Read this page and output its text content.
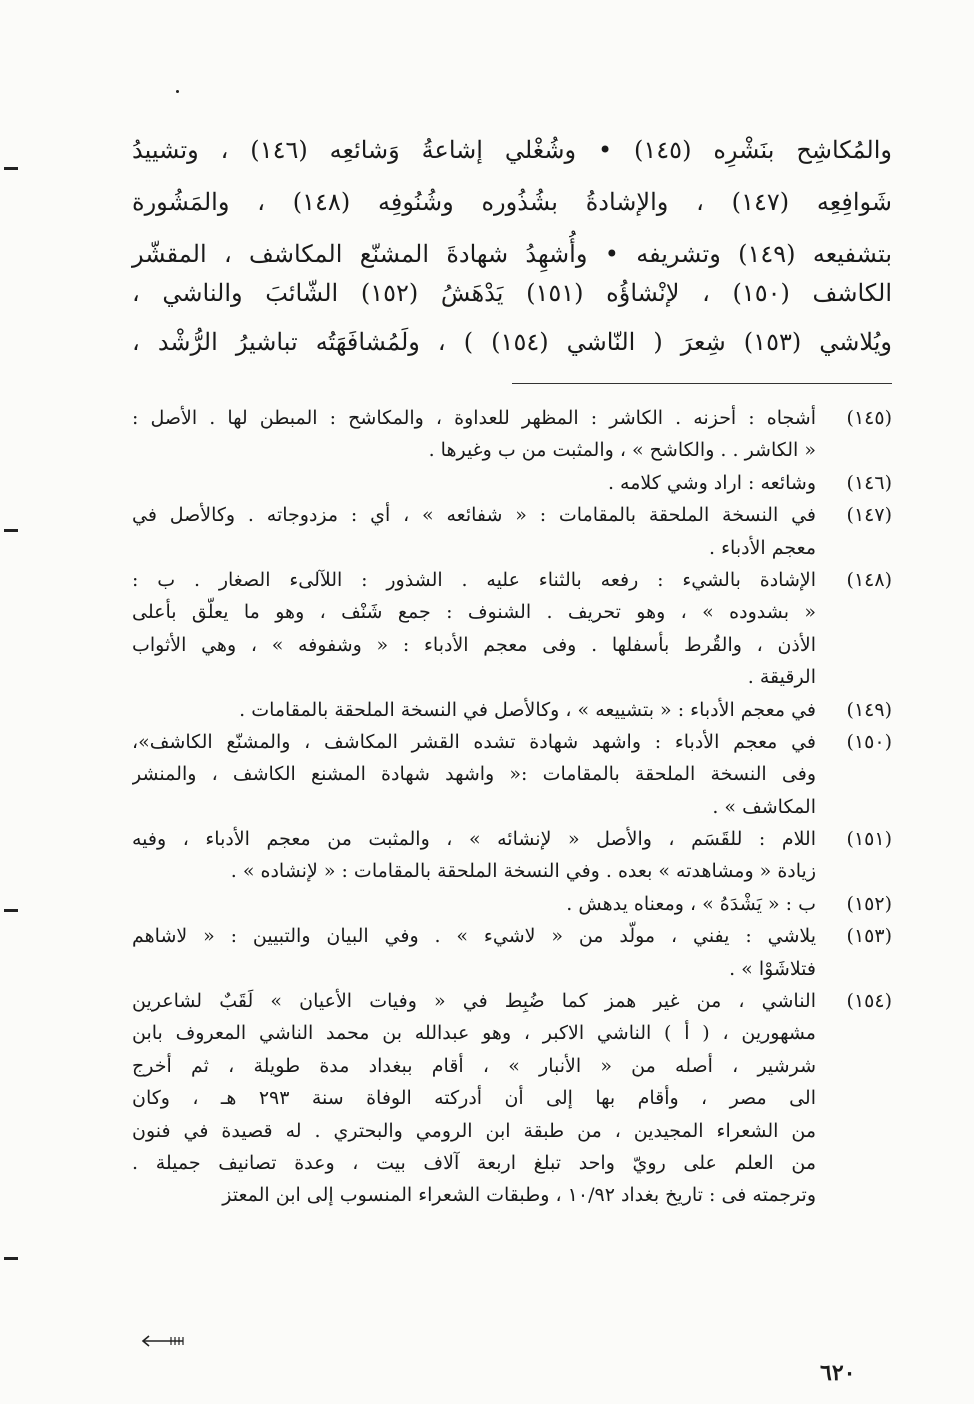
والمُكاشِح بنَشْرِه (١٤٥) • وشُغْلي إشاعةُ وَشائعِه (١٤٦) ، وتشييدُ
شَوافِعِه (١٤٧) ، والإشادةُ بشُذُوره وشُنُوفِه (١٤٨) ، والمَشُورة
بتشفيعه (١٤٩) وتشريفه • وأُشهِدُ شهادةَ المشنّع المكاشف ، المقشّر
الكاشف (١٥٠) ، لإنْشاؤُه (١٥١) يَدْهَشُ (١٥٢) الشّائبَ والناشي ،
ويُلاشي (١٥٣) شِعرَ ( النّاشي (١٥٤) ) ، ولَمُشافَهَتُه تباشيرُ الرُّشْد ،
(١٤٥)
أشجاه : أحزنه . الكاشر : المظهر للعداوة ، والمكاشح : المبطن لها . الأصل :
« الكاشر . . والكاشح » ، والمثبت من ب وغيرها .
(١٤٦)
وشائعه : اراد وشي كلامه .
(١٤٧)
في النسخة الملحقة بالمقامات : « شفائعه » ، أي : مزدوجاته . وكالأصل في
معجم الأدباء .
(١٤٨)
الإشادة بالشيء : رفعه بالثناء عليه . الشذور : اللآلىء الصغار . ب :
« بشدوده » ، وهو تحريف . الشنوف : جمع شَنْف ، وهو ما يعلّق بأعلى
الأذن ، والقُرط بأسفلها . وفى معجم الأدباء : « وشفوفه » ، وهي الأثواب
الرقيقة .
(١٤٩)
في معجم الأدباء : « بتشييعه » ، وكالأصل في النسخة الملحقة بالمقامات .
(١٥٠)
في معجم الأدباء : واشهد شهادة تشده القشر المكاشف ، والمشنّع الكاشف»،
وفى النسخة الملحقة بالمقامات :« واشهد شهادة المشنع الكاشف ، والمنشر
المكاشف » .
(١٥١)
اللام : للقَسَم ، والأصل « لإنشائه » ، والمثبت من معجم الأدباء ، وفيه
زيادة « ومشاهدته » بعده . وفي النسخة الملحقة بالمقامات : « لإنشاده » .
(١٥٢)
ب : « يَشْدَهُ » ، ومعناه يدهش .
(١٥٣)
يلاشي : يفني ، مولّد من « لاشيء » . وفي البيان والتبيين : « لاشاهم
فتلاشَوْا » .
(١٥٤)
الناشي ، من غير همز كما ضُبِط في « وفيات الأعيان » لَقَبٌ لشاعرين
مشهورين ، ( أ ) الناشي الاكبر ، وهو عبدالله بن محمد الناشي المعروف بابن
شرشير ، أصله من « الأنبار » ، أقام ببغداد مدة طويلة ، ثم أخرج
الى مصر ، وأقام بها إلى أن أدركته الوفاة سنة ٢٩٣ هـ ، وكان
من الشعراء المجيدين ، من طبقة ابن الرومي والبحتري . له قصيدة في فنون
من العلم على رويّ واحد تبلغ اربعة آلاف بيت ، وعدة تصانيف جميلة .
وترجمته فى : تاريخ بغداد ١٠/٩٢ ، وطبقات الشعراء المنسوب إلى ابن المعتز
٦٢٠
